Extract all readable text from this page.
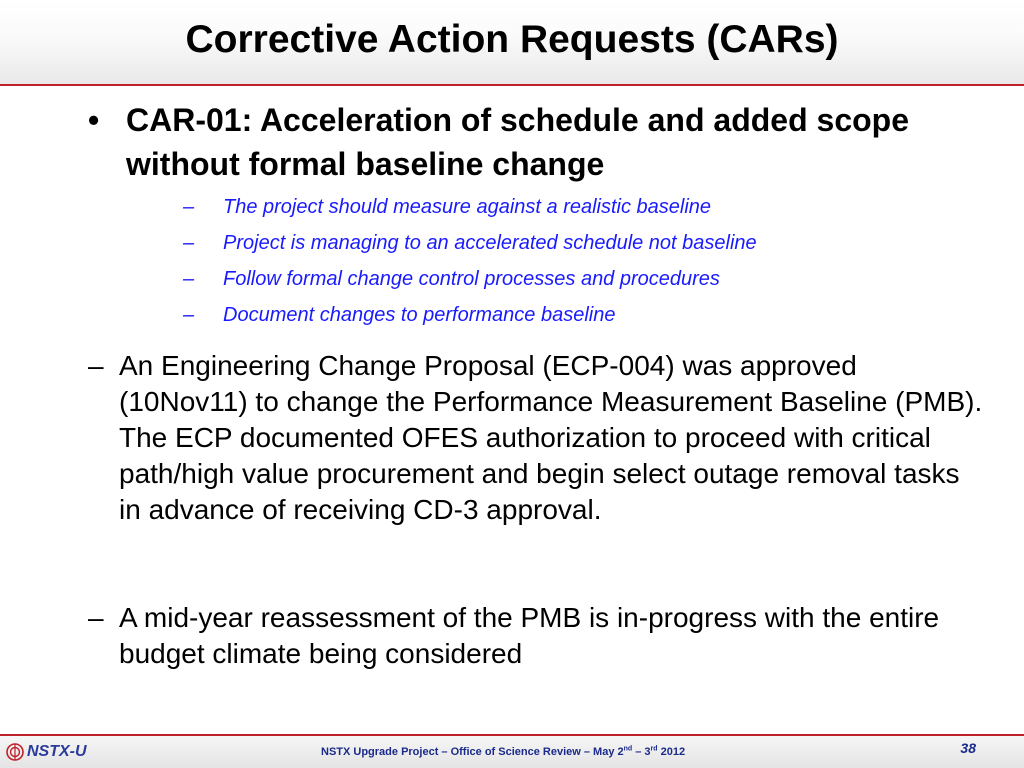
Corrective Action Requests (CARs)
• CAR-01: Acceleration of schedule and added scope without formal baseline change
– The project should measure against a realistic baseline
– Project is managing to an accelerated schedule not baseline
– Follow formal change control processes and procedures
– Document changes to performance baseline
– An Engineering Change Proposal (ECP-004) was approved (10Nov11) to change the Performance Measurement Baseline (PMB). The ECP documented OFES authorization to proceed with critical path/high value procurement and begin select outage removal tasks in advance of receiving CD-3 approval.
– A mid-year reassessment of the PMB is in-progress with the entire budget climate being considered
NSTX-U	NSTX Upgrade Project – Office of Science Review – May 2nd – 3rd 2012	38
